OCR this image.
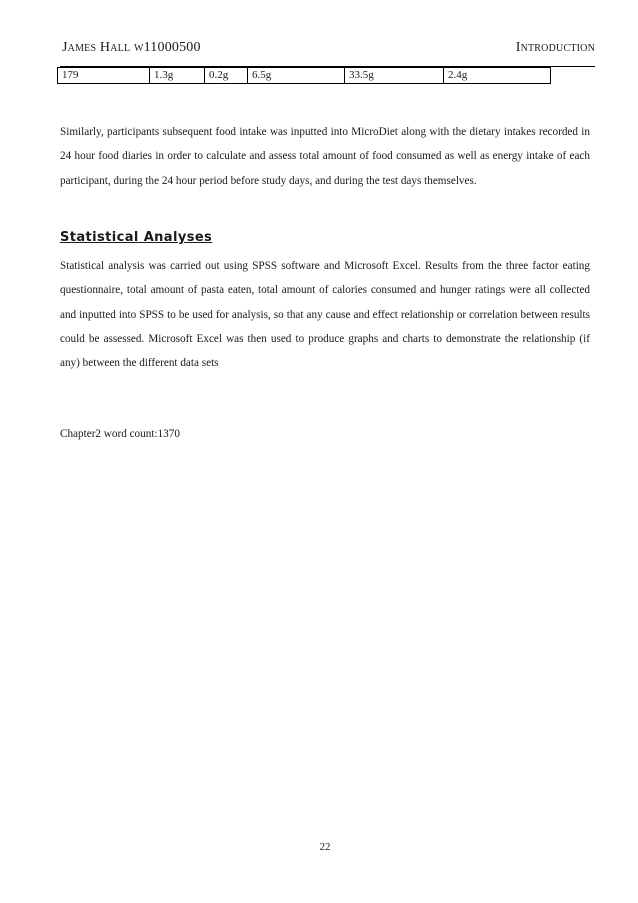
James Hall w11000500	Introduction
179	1.3g	0.2g	6.5g	33.5g	2.4g

Similarly, participants subsequent food intake was inputted into MicroDiet along with the dietary intakes recorded in 24 hour food diaries in order to calculate and assess total amount of food consumed as well as energy intake of each participant, during the 24 hour period before study days, and during the test days themselves.

Statistical Analyses

Statistical analysis was carried out using SPSS software and Microsoft Excel. Results from the three factor eating questionnaire, total amount of pasta eaten, total amount of calories consumed and hunger ratings were all collected and inputted into SPSS to be used for analysis, so that any cause and effect relationship or correlation between results could be assessed. Microsoft Excel was then used to produce graphs and charts to demonstrate the relationship (if any) between the different data sets

Chapter2 word count:1370

22
